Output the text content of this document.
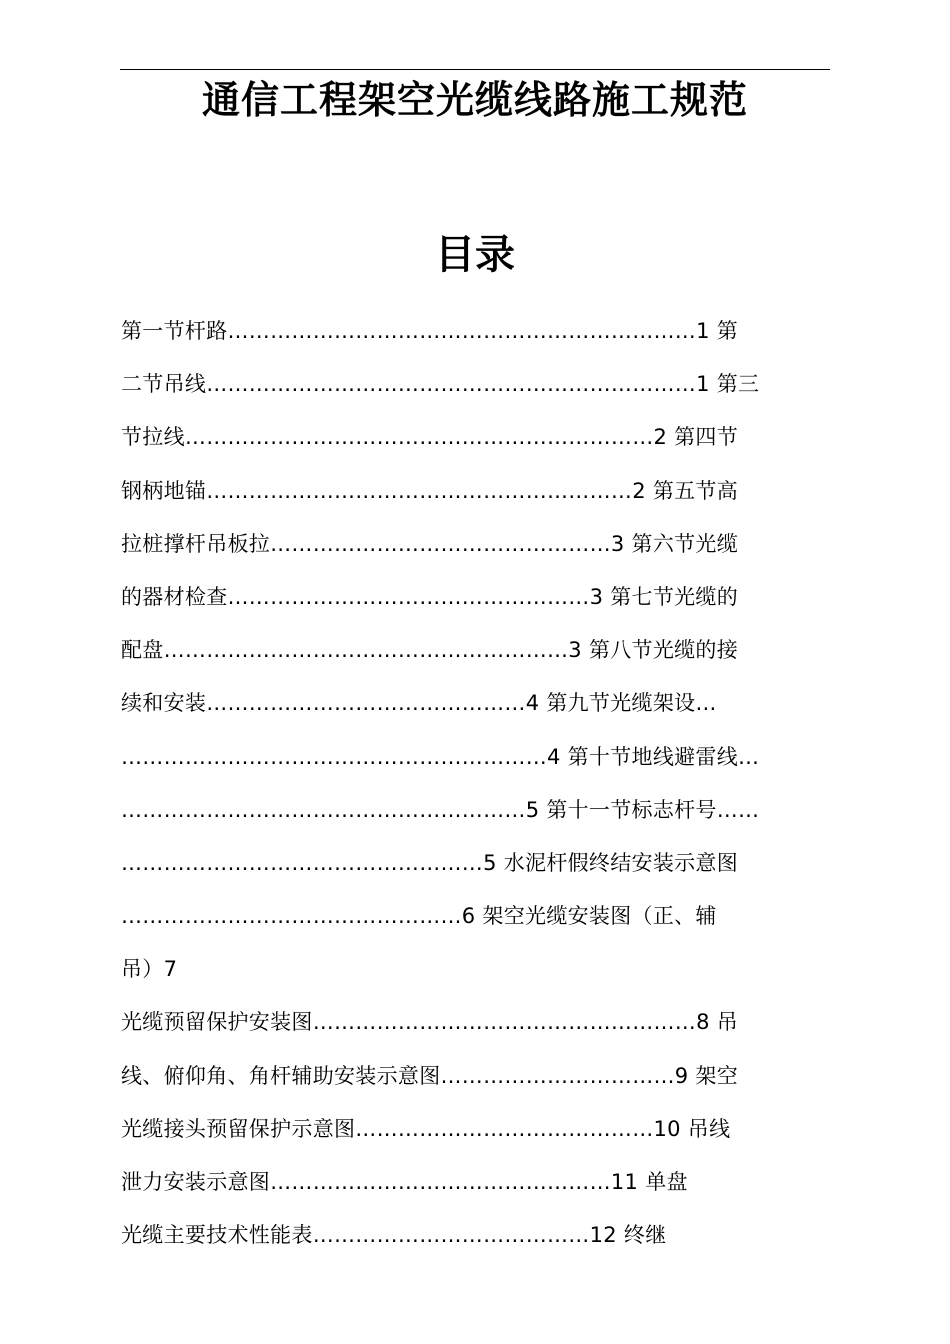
通信工程架空光缆线路施工规范
目录
第一节杆路…………………………………………………………1 第
二节吊线……………………………………………………………1 第三
节拉线…………………………………………………………2 第四节
钢柄地锚……………………………………………………2 第五节高
拉桩撑杆吊板拉…………………………………………3 第六节光缆
的器材检查……………………………………………3 第七节光缆的
配盘…………………………………………………3 第八节光缆的接
续和安装………………………………………4 第九节光缆架设…
……………………………………………………4 第十节地线避雷线…
…………………………………………………5 第十一节标志杆号……
……………………………………………5 水泥杆假终结安装示意图
…………………………………………6 架空光缆安装图（正、辅
吊）7
光缆预留保护安装图………………………………………………8 吊
线、俯仰角、角杆辅助安装示意图……………………………9 架空
光缆接头预留保护示意图……………………………………10 吊线
泄力安装示意图…………………………………………11 单盘
光缆主要技术性能表…………………………………12 终继
